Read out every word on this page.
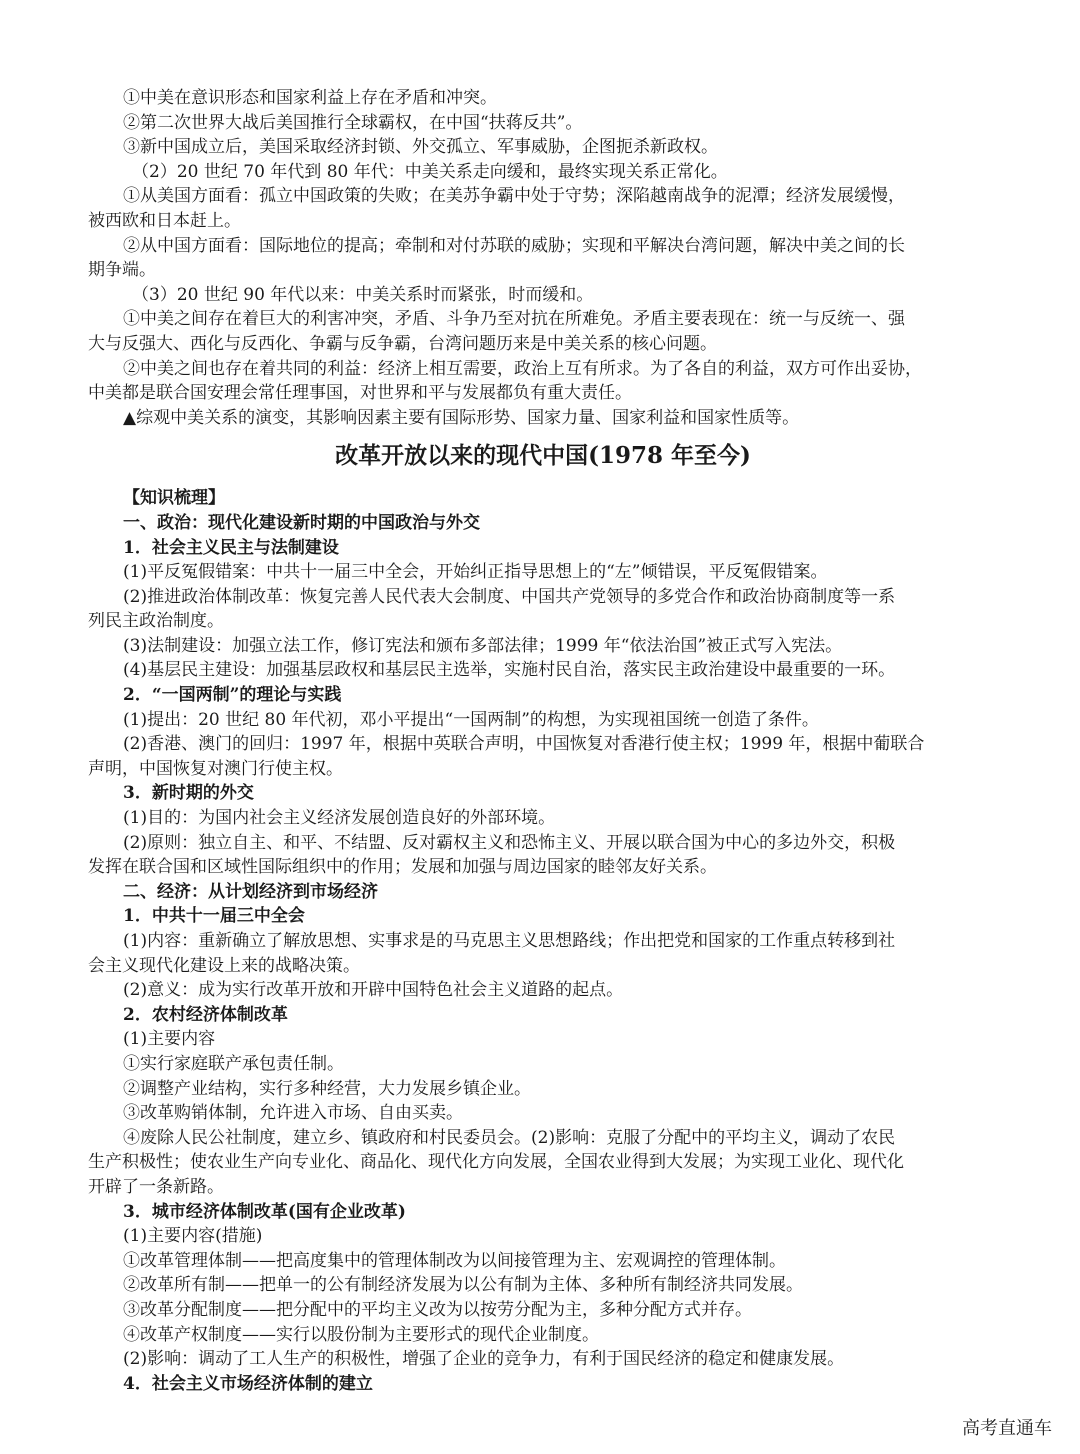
①中美在意识形态和国家利益上存在矛盾和冲突。
②第二次世界大战后美国推行全球霸权，在中国“扶蒋反共”。
③新中国成立后，美国采取经济封锁、外交孤立、军事威胁，企图扼杀新政权。
（2）20 世纪 70 年代到 80 年代：中美关系走向缓和，最终实现关系正常化。
①从美国方面看：孤立中国政策的失败；在美苏争霸中处于守势；深陷越南战争的泥潭；经济发展缓慢，
被西欧和日本赶上。
②从中国方面看：国际地位的提高；牵制和对付苏联的威胁；实现和平解决台湾问题，解决中美之间的长
期争端。
（3）20 世纪 90 年代以来：中美关系时而紧张，时而缓和。
①中美之间存在着巨大的利害冲突，矛盾、斗争乃至对抗在所难免。矛盾主要表现在：统一与反统一、强
大与反强大、西化与反西化、争霸与反争霸，台湾问题历来是中美关系的核心问题。
②中美之间也存在着共同的利益：经济上相互需要，政治上互有所求。为了各自的利益，双方可作出妥协，
中美都是联合国安理会常任理事国，对世界和平与发展都负有重大责任。
▲综观中美关系的演变，其影响因素主要有国际形势、国家力量、国家利益和国家性质等。
改革开放以来的现代中国(1978 年至今)
【知识梳理】
一、政治：现代化建设新时期的中国政治与外交
1．社会主义民主与法制建设
(1)平反冤假错案：中共十一届三中全会，开始纠正指导思想上的“左”倾错误，平反冤假错案。
(2)推进政治体制改革：恢复完善人民代表大会制度、中国共产党领导的多党合作和政治协商制度等一系
列民主政治制度。
(3)法制建设：加强立法工作，修订宪法和颁布多部法律；1999 年“依法治国”被正式写入宪法。
(4)基层民主建设：加强基层政权和基层民主选举，实施村民自治，落实民主政治建设中最重要的一环。
2．“一国两制”的理论与实践
(1)提出：20 世纪 80 年代初，邓小平提出“一国两制”的构想，为实现祖国统一创造了条件。
(2)香港、澳门的回归：1997 年，根据中英联合声明，中国恢复对香港行使主权；1999 年，根据中葡联合
声明，中国恢复对澳门行使主权。
3．新时期的外交
(1)目的：为国内社会主义经济发展创造良好的外部环境。
(2)原则：独立自主、和平、不结盟、反对霸权主义和恐怖主义、开展以联合国为中心的多边外交，积极
发挥在联合国和区域性国际组织中的作用；发展和加强与周边国家的睦邻友好关系。
二、经济：从计划经济到市场经济
1．中共十一届三中全会
(1)内容：重新确立了解放思想、实事求是的马克思主义思想路线；作出把党和国家的工作重点转移到社
会主义现代化建设上来的战略决策。
(2)意义：成为实行改革开放和开辟中国特色社会主义道路的起点。
2．农村经济体制改革
(1)主要内容
①实行家庭联产承包责任制。
②调整产业结构，实行多种经营，大力发展乡镇企业。
③改革购销体制，允许进入市场、自由买卖。
④废除人民公社制度，建立乡、镇政府和村民委员会。(2)影响：克服了分配中的平均主义，调动了农民
生产积极性；使农业生产向专业化、商品化、现代化方向发展，全国农业得到大发展；为实现工业化、现代化
开辟了一条新路。
3．城市经济体制改革(国有企业改革)
(1)主要内容(措施)
①改革管理体制——把高度集中的管理体制改为以间接管理为主、宏观调控的管理体制。
②改革所有制——把单一的公有制经济发展为以公有制为主体、多种所有制经济共同发展。
③改革分配制度——把分配中的平均主义改为以按劳分配为主，多种分配方式并存。
④改革产权制度——实行以股份制为主要形式的现代企业制度。
(2)影响：调动了工人生产的积极性，增强了企业的竞争力，有利于国民经济的稳定和健康发展。
4．社会主义市场经济体制的建立
高考直通车
